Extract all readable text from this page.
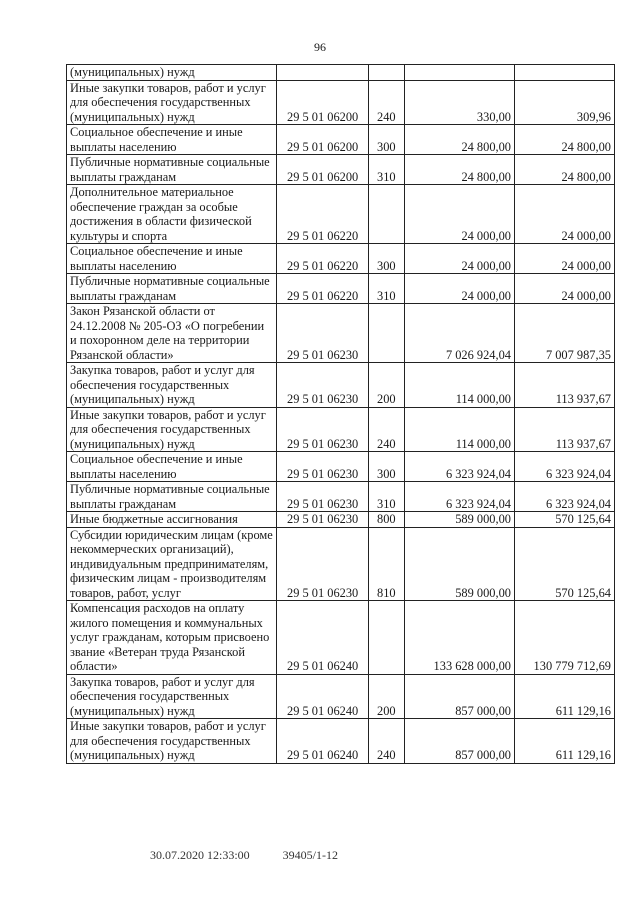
96
(муниципальных) нужд				
Иные закупки товаров, работ и услуг для обеспечения государственных (муниципальных) нужд	29 5 01 06200	240	330,00	309,96
Социальное обеспечение и иные выплаты населению	29 5 01 06200	300	24 800,00	24 800,00
Публичные нормативные социальные выплаты гражданам	29 5 01 06200	310	24 800,00	24 800,00
Дополнительное материальное обеспечение граждан за особые достижения в области физической культуры и спорта	29 5 01 06220		24 000,00	24 000,00
Социальное обеспечение и иные выплаты населению	29 5 01 06220	300	24 000,00	24 000,00
Публичные нормативные социальные выплаты гражданам	29 5 01 06220	310	24 000,00	24 000,00
Закон Рязанской области от 24.12.2008 № 205-ОЗ «О погребении и похоронном деле на территории Рязанской области»	29 5 01 06230		7 026 924,04	7 007 987,35
Закупка товаров, работ и услуг для обеспечения государственных (муниципальных) нужд	29 5 01 06230	200	114 000,00	113 937,67
Иные закупки товаров, работ и услуг для обеспечения государственных (муниципальных) нужд	29 5 01 06230	240	114 000,00	113 937,67
Социальное обеспечение и иные выплаты населению	29 5 01 06230	300	6 323 924,04	6 323 924,04
Публичные нормативные социальные выплаты гражданам	29 5 01 06230	310	6 323 924,04	6 323 924,04
Иные бюджетные ассигнования	29 5 01 06230	800	589 000,00	570 125,64
Субсидии юридическим лицам (кроме некоммерческих организаций), индивидуальным предпринимателям, физическим лицам - производителям товаров, работ, услуг	29 5 01 06230	810	589 000,00	570 125,64
Компенсация расходов на оплату жилого помещения и коммунальных услуг гражданам, которым присвоено звание «Ветеран труда Рязанской области»	29 5 01 06240		133 628 000,00	130 779 712,69
Закупка товаров, работ и услуг для обеспечения государственных (муниципальных) нужд	29 5 01 06240	200	857 000,00	611 129,16
Иные закупки товаров, работ и услуг для обеспечения государственных (муниципальных) нужд	29 5 01 06240	240	857 000,00	611 129,16
30.07.2020 12:33:00	39405/1-12
